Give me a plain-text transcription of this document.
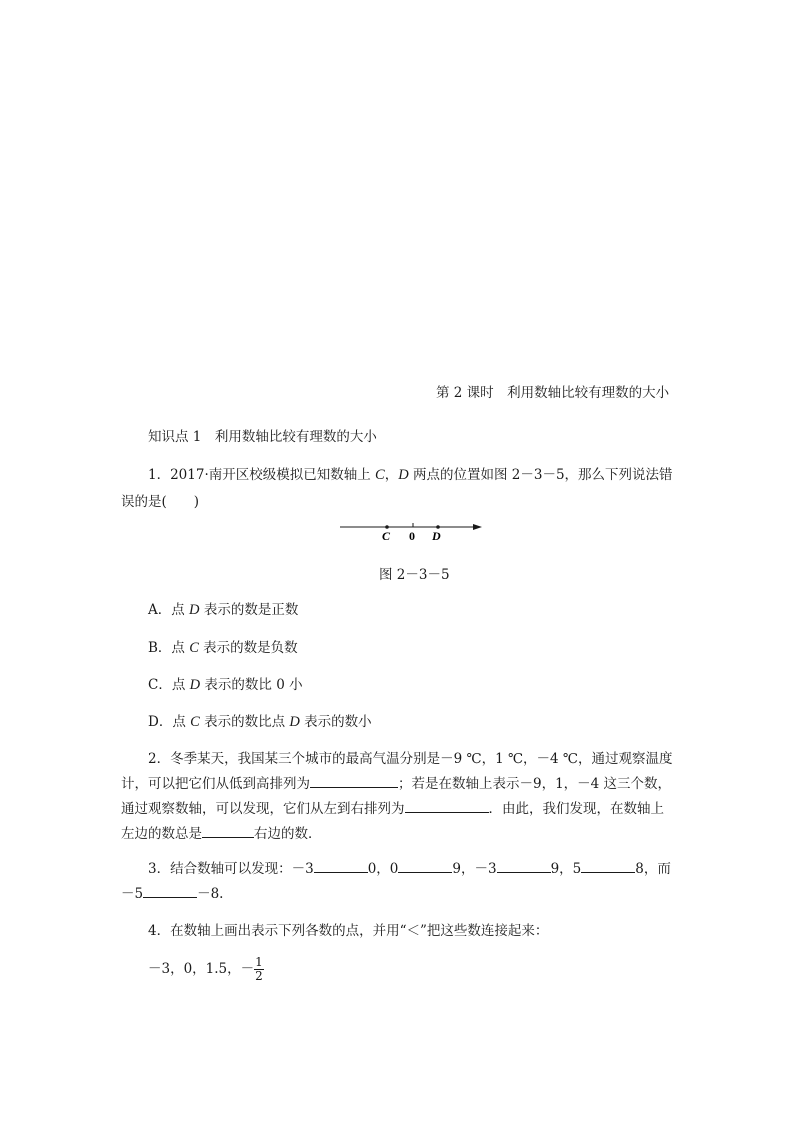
第 2 课时　利用数轴比较有理数的大小
知识点 1　利用数轴比较有理数的大小
1．2017·南开区校级模拟已知数轴上 C，D 两点的位置如图 2－3－5，那么下列说法错
误的是(　　)
C 0 D
图 2－3－5
A．点 D 表示的数是正数
B．点 C 表示的数是负数
C．点 D 表示的数比 0 小
D．点 C 表示的数比点 D 表示的数小
2．冬季某天，我国某三个城市的最高气温分别是－9 ℃，1 ℃，－4 ℃，通过观察温度
计，可以把它们从低到高排列为	；若是在数轴上表示－9，1，－4 这三个数，
通过观察数轴，可以发现，它们从左到右排列为	．由此，我们发现，在数轴上
左边的数总是	右边的数．
3．结合数轴可以发现：－3	0，0	9，－3	9，5	8，而
－5	－8.
4．在数轴上画出表示下列各数的点，并用“＜”把这些数连接起来：
－3，0，1.5，－ $\frac{1}{2}$
